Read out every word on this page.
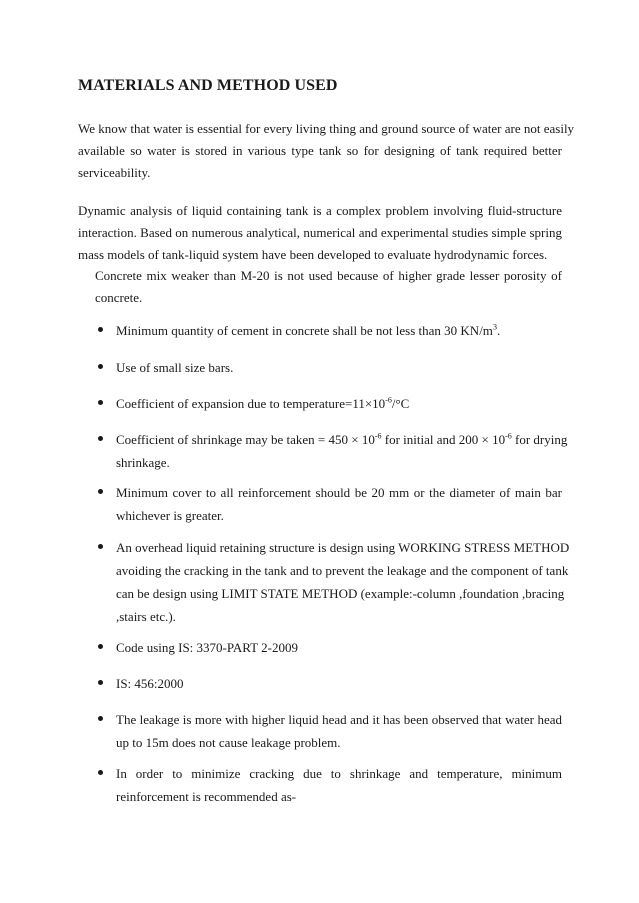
MATERIALS AND METHOD USED
We know that water is essential for every living thing and ground source of water are not easily
available so water is stored in various type tank so for designing of tank required better
serviceability.
Dynamic analysis of liquid containing tank is a complex problem involving fluid-structure
interaction. Based on numerous analytical, numerical and experimental studies simple spring
mass models of tank-liquid system have been developed to evaluate hydrodynamic forces.
Concrete mix weaker than M-20 is not used because of higher grade lesser porosity of
concrete.
Minimum quantity of cement in concrete shall be not less than 30 $KN/m^3$.
Use of small size bars.
Coefficient of expansion due to $temperature=11\times 10^{-6}/^\circ C$
Coefficient of shrinkage may be taken = $450 \times 10^{-6}$ for initial and $200 \times 10^{-6}$ for drying
shrinkage.
Minimum cover to all reinforcement should be 20 mm or the diameter of main bar
whichever is greater.
An overhead liquid retaining structure is design using WORKING STRESS METHOD
avoiding the cracking in the tank and to prevent the leakage and the component of tank
can be design using LIMIT STATE METHOD (example:-column ,foundation ,bracing
,stairs etc.).
Code using IS: 3370-PART 2-2009
IS: 456:2000
The leakage is more with higher liquid head and it has been observed that water head
up to 15m does not cause leakage problem.
In order to minimize cracking due to shrinkage and temperature, minimum
reinforcement is recommended as-
